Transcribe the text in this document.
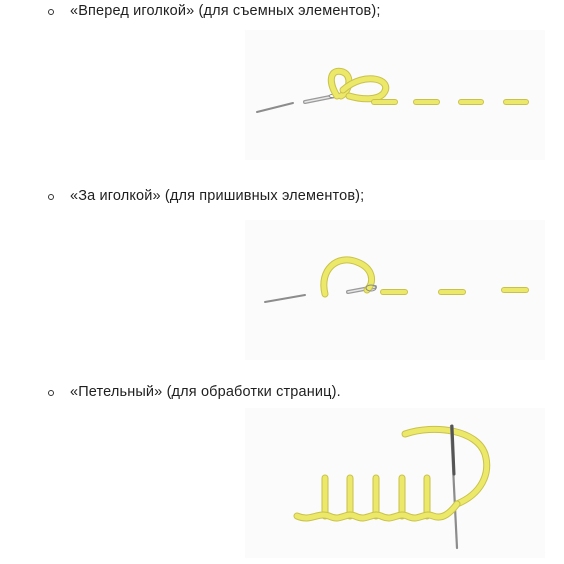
«Вперед иголкой» (для съемных элементов);
«За иголкой» (для пришивных элементов);
«Петельный» (для обработки страниц).
